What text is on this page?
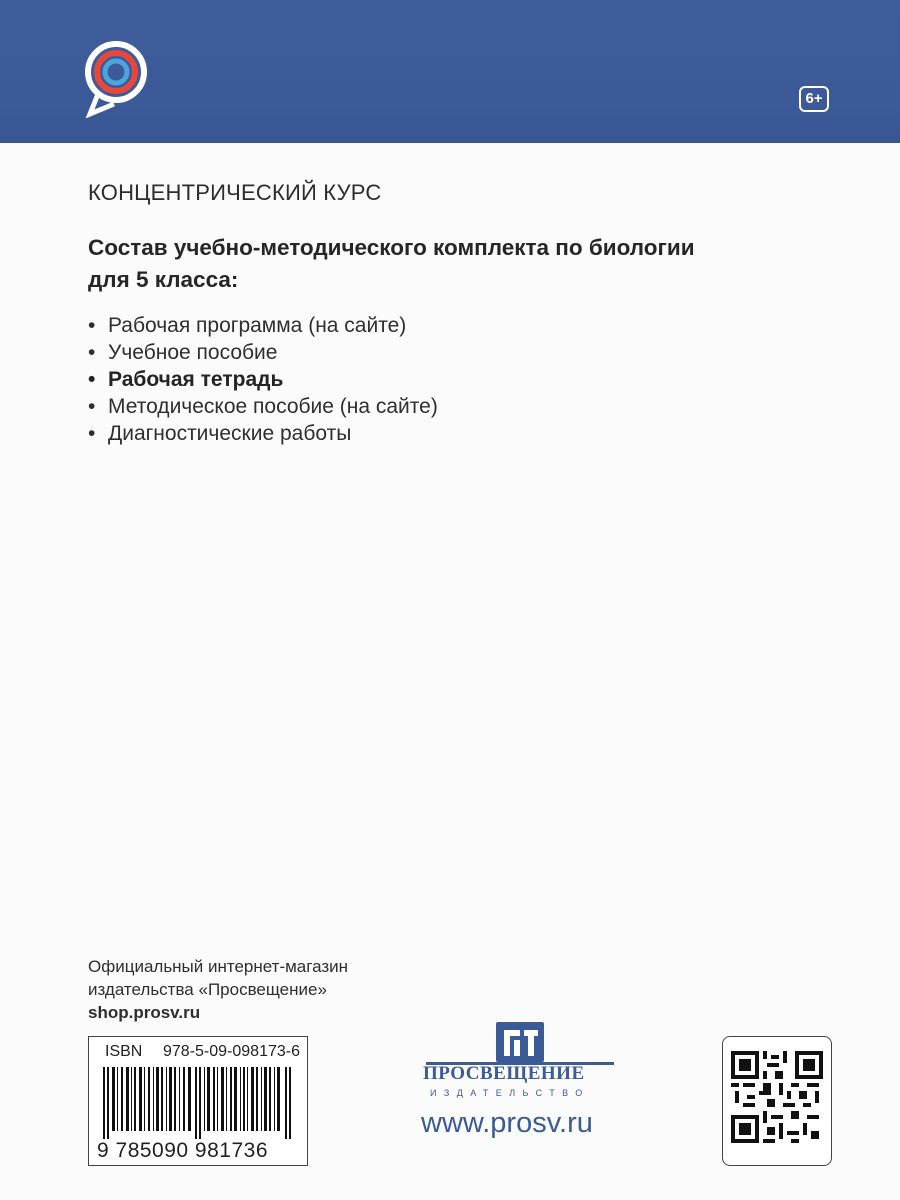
6+
КОНЦЕНТРИЧЕСКИЙ КУРС
Состав учебно-методического комплекта по биологии
для 5 класса:
• Рабочая программа (на сайте)
• Учебное пособие
• Рабочая тетрадь
• Методическое пособие (на сайте)
• Диагностические работы
Официальный интернет-магазин
издательства «Просвещение»
shop.prosv.ru
ISBN 978-5-09-098173-6
9 785090 981736
ПРОСВЕЩЕНИЕ
ИЗДАТЕЛЬСТВО
www.prosv.ru
